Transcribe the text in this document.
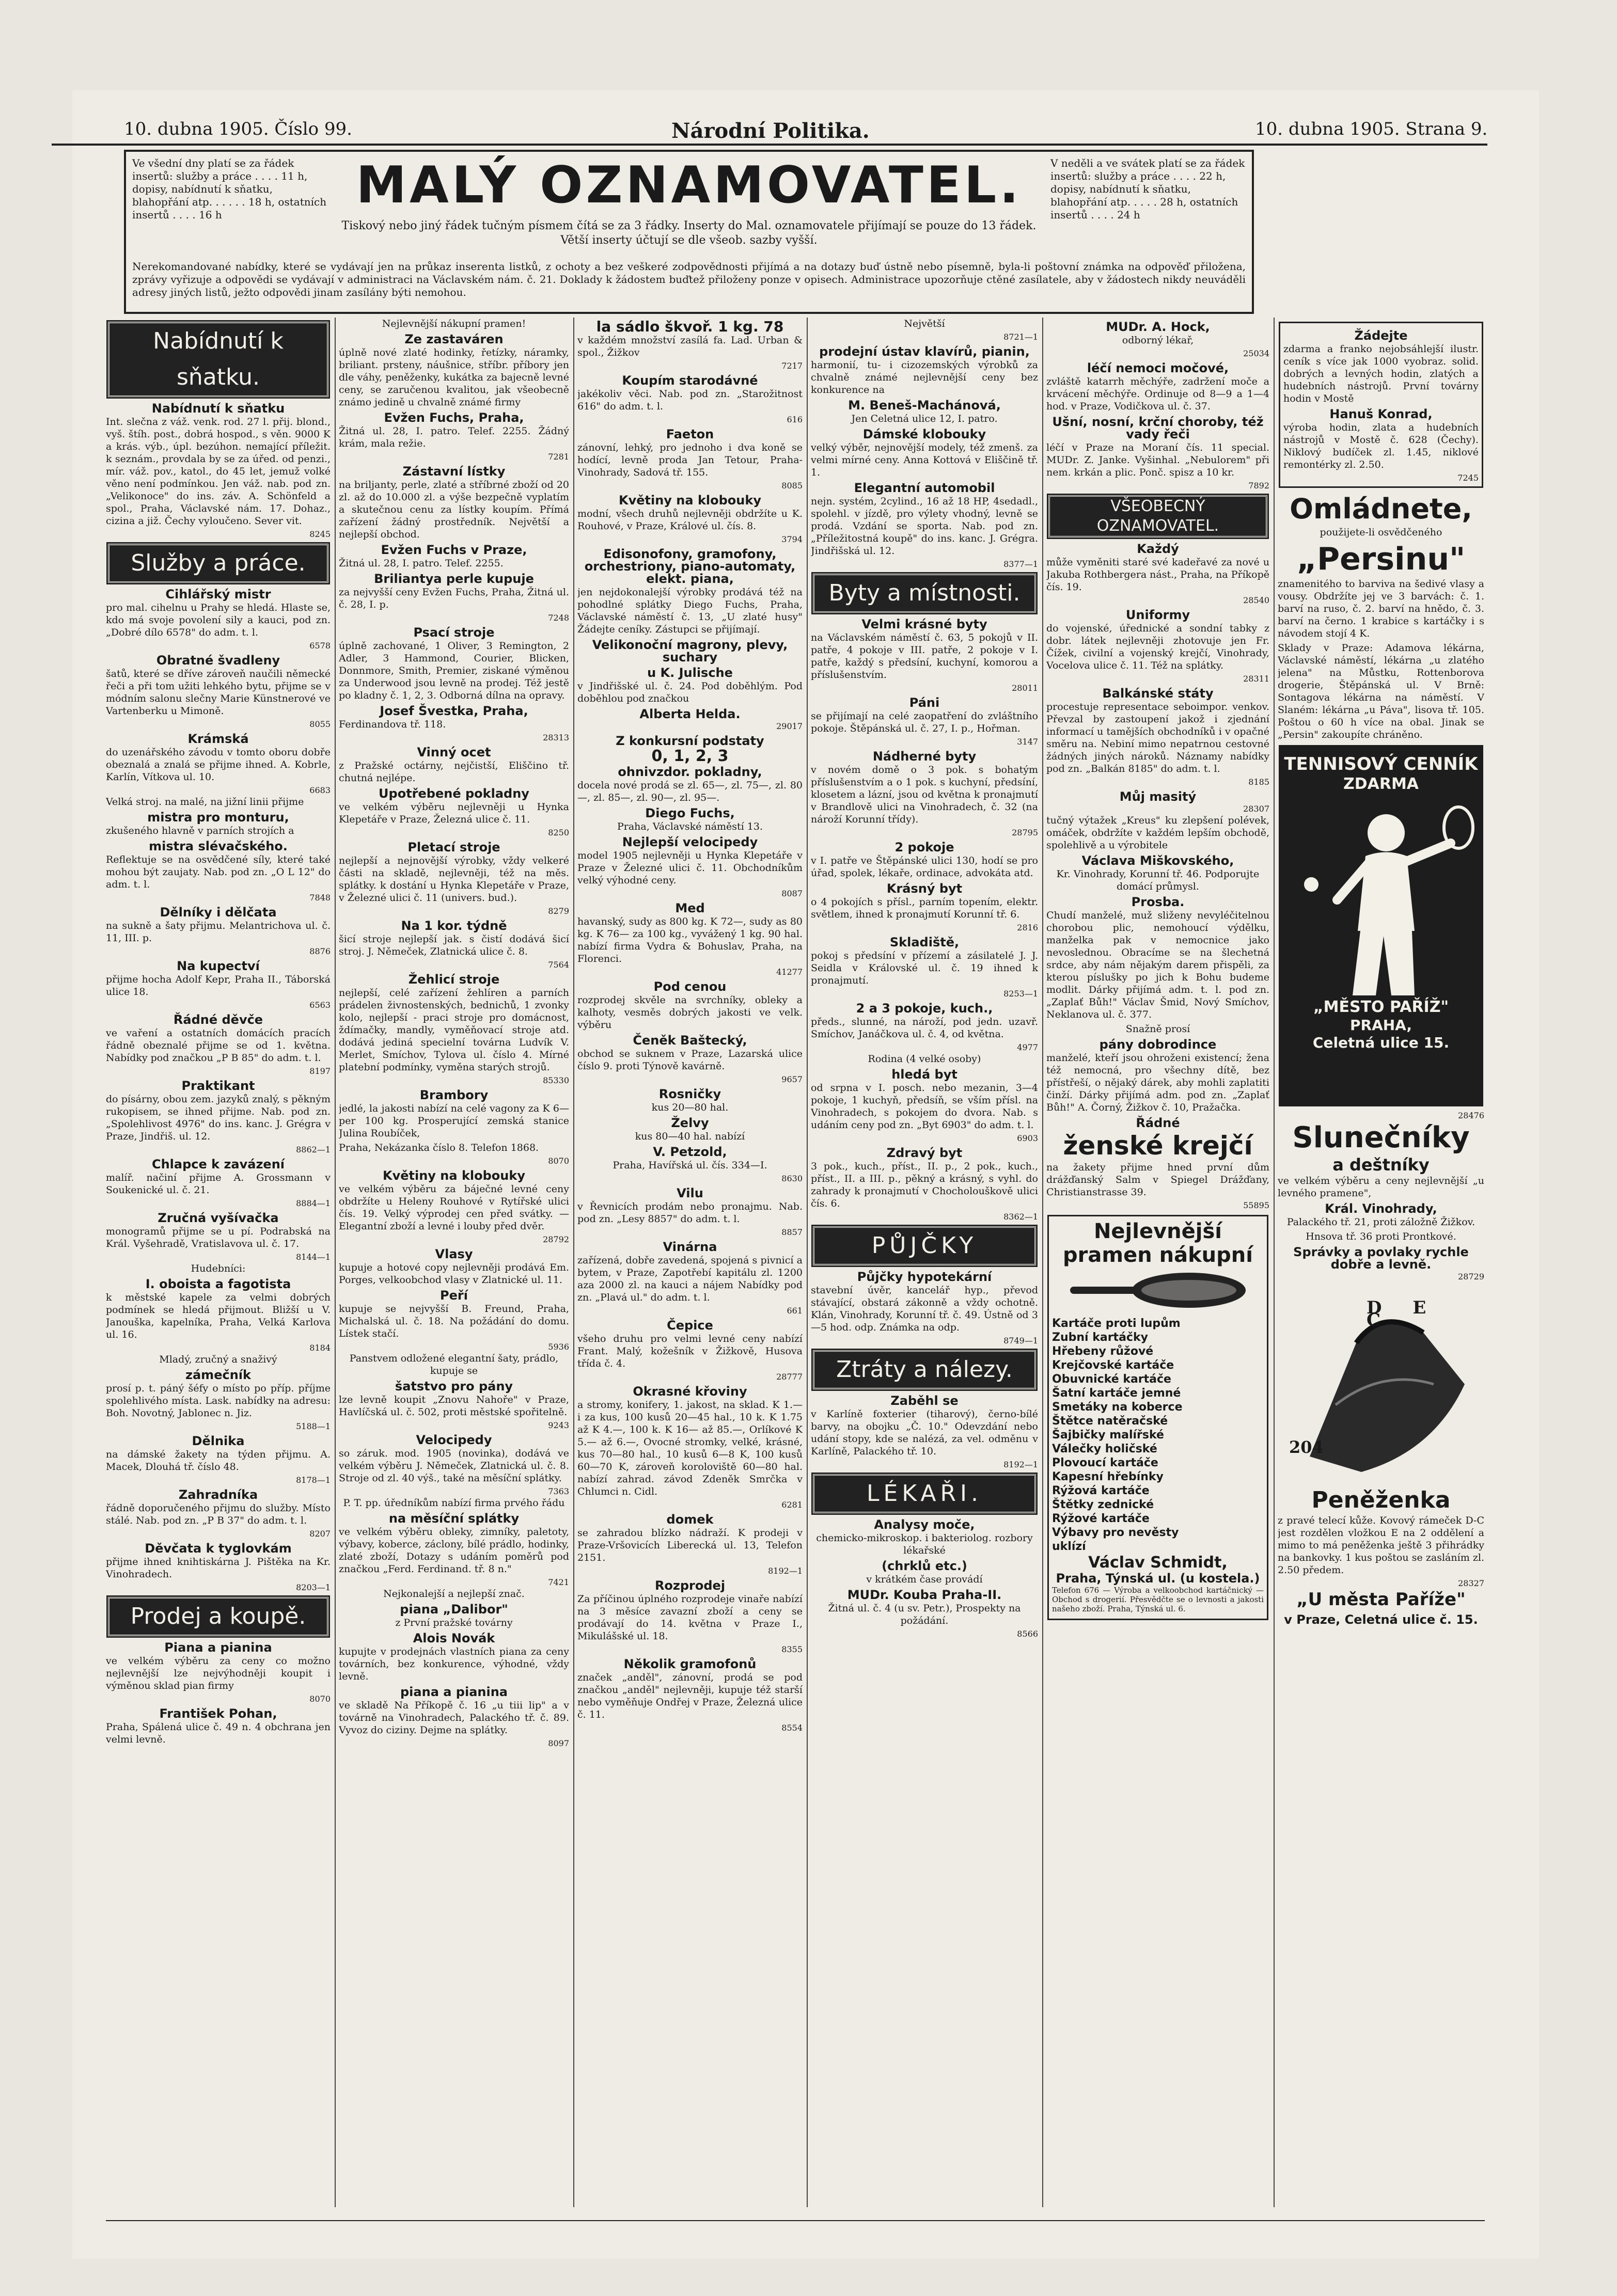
10. dubna 1905. Číslo 99.	Národní Politika.	10. dubna 1905. Strana 9.
Ve všední dny platí se za řádek insertů: služby a práce . . . . 11 h, dopisy, nabídnutí k sňatku, blahopřání atp. . . . . . 18 h, ostatních insertů . . . . 16 h	MALÝ OZNAMOVATEL.
Tiskový nebo jiný řádek tučným písmem čítá se za 3 řádky. Inserty do Mal. oznamovatele přijímají se pouze do 13 řádek. Větší inserty účtují se dle všeob. sazby vyšší.
V neděli a ve svátek platí se za řádek insertů: služby a práce . . . . 22 h, dopisy, nabídnutí k sňatku, blahopřání atp. . . . . 28 h, ostatních insertů . . . . 24 h
Nerekomandované nabídky, které se vydávají jen na průkaz inserenta listků, z ochoty a bez veškeré zodpovědnosti přijímá a na dotazy buď ústně nebo písemně, byla-li poštovní známka na odpověď přiložena, zprávy vyřizuje a odpovědi se vydávají v administraci na Václavském nám. č. 21. Doklady k žádostem buďtež přiloženy ponze v opisech. Administrace upozorňuje ctěné zasílatele, aby v žádostech nikdy neuváděli adresy jiných listů, ježto odpovědi jinam zasílány býti nemohou.
Nabídnutí k sňatku.
Nabídnutí k sňatku

Int. slečna z váž. venk. rod. 27 l. přij. blond., vyš. štíh. post., dobrá hospod., s věn. 9000 K a krás. výb., úpl. bezúhon. nemající příležit. k seznám., provdala by se za úřed. od penzi., mír. váž. pov., katol., do 45 let, jemuž volké věno není podmínkou. Jen váž. nab. pod zn. „Velikonoce" do ins. záv. A. Schönfeld a spol., Praha, Václavské nám. 17. Dohaz., cizina a již. Čechy vyloučeno. Sever vit.

8245
Služby a práce.
Cihlářský mistr

pro mal. cihelnu u Prahy se hledá. Hlaste se, kdo má svoje povolení sily a kauci, pod zn. „Dobré dílo 6578" do adm. t. l.

6578
Obratné švadleny

šatů, které se dříve zároveň naučili německé řeči a při tom užiti lehkého bytu, přijme se v módním salonu slečny Marie Künstnerové ve Vartenberku u Mimoně.

8055
Krámská

do uzenářského závodu v tomto oboru dobře obeznalá a znalá se přijme ihned. A. Kobrle, Karlín, Vítkova ul. 10.

6683

Velká stroj. na malé, na jižní linii přijme

mistra pro monturu,

zkušeného hlavně v parních strojích a

mistra slévačského.

Reflektuje se na osvědčené síly, které také mohou být zaujaty. Nab. pod zn. „O L 12" do adm. t. l.

7848
Dělníky i dělčata

na sukně a šaty přijmu. Melantrichova ul. č. 11, III. p.

8876
Na kupectví

přijme hocha Adolf Kepr, Praha II., Táborská ulice 18.

6563
Řádné děvče

ve vaření a ostatních domácích pracích řádně obeznalé přijme se od 1. května. Nabídky pod značkou „P B 85" do adm. t. l.

8197
Praktikant

do písárny, obou zem. jazyků znalý, s pěkným rukopisem, se ihned přijme. Nab. pod zn. „Spolehlivost 4976" do ins. kanc. J. Grégra v Praze, Jindřiš. ul. 12.

8862—1
Chlapce k zavázení

malíř. načiní přijme A. Grossmann v Soukenické ul. č. 21.

8884—1
Zručná vyšívačka

monogramů přijme se u pí. Podrabská na Král. Vyšehradě, Vratislavova ul. č. 17.

8144—1

Hudebníci:

I. oboista a fagotista

k městské kapele za velmi dobrých podmínek se hledá přijmout. Bližší u V. Janouška, kapelníka, Praha, Velká Karlova ul. 16.

8184

Mladý, zručný a snaživý

zámečník

prosí p. t. páný šéfy o místo po příp. příjme spolehlivého místa. Lask. nabídky na adresu: Boh. Novotný, Jablonec n. Jiz.

5188—1
Dělnika

na dámské žakety na týden přijmu. A. Macek, Dlouhá tř. číslo 48.

8178—1
Zahradníka

řádně doporučeného přijmu do služby. Místo stálé. Nab. pod zn. „P B 37" do adm. t. l.

8207
Děvčata k tyglovkám

přijme ihned knihtiskárna J. Pištěka na Kr. Vinohradech.

8203—1
Prodej a koupě.
Piana a pianina

ve velkém výběru za ceny co možno nejlevnější lze nejvýhodněji koupit i výměnou sklad pian firmy

8070
František Pohan,

Praha, Spálená ulice č. 49 n. 4 obchrana jen velmi levně.

Nejlevnější nákupní pramen!

Ze zastaváren

úplně nové zlaté hodinky, řetízky, náramky, briliant. prsteny, náušnice, stříbr. příbory jen dle váhy, peněženky, kukátka za bajecně levné ceny, se zaručenou kvalitou, jak všeobecně známo jedině u chvalně známé firmy

Evžen Fuchs, Praha,

Žitná ul. 28, I. patro. Telef. 2255. Žádný krám, mala režie.

7281
Zástavní lístky

na briljanty, perle, zlaté a stříbrné zboží od 20 zl. až do 10.000 zl. a výše bezpečně vyplatím a skutečnou cenu za lístky koupím. Přímá zařízení žádný prostředník. Největší a nejlepší obchod.

Evžen Fuchs v Praze,

Žitná ul. 28, I. patro. Telef. 2255.

Briliantya perle kupuje

za nejvyšší ceny Evžen Fuchs, Praha, Žitná ul. č. 28, I. p.

7248
Psací stroje

úplně zachované, 1 Oliver, 3 Remington, 2 Adler, 3 Hammond, Courier, Blicken, Donnmore, Smith, Premier, ziskané výměnou za Underwood jsou levně na prodej. Též jestě po kladny č. 1, 2, 3. Odborná dílna na opravy.

Josef Švestka, Praha,

Ferdinandova tř. 118.

28313
Vinný ocet

z Pražské octárny, nejčistší, Eliščino tř. chutná nejlépe.

Upotřebené pokladny

ve velkém výběru nejlevněji u Hynka Klepetáře v Praze, Železná ulice č. 11.

8250
Pletací stroje

nejlepší a nejnovější výrobky, vždy velkeré části na skladě, nejlevněji, též na měs. splátky. k dostání u Hynka Klepetáře v Praze, v Železné ulici č. 11 (univers. bud.).

8279
Na 1 kor. týdně

šicí stroje nejlepší jak. s čistí dodává šicí stroj. J. Němeček, Zlatnická ulice č. 8.

7564
Žehlicí stroje

nejlepší, celé zařízení žehlíren a parních prádelen živnostenských, bednichů, 1 zvonky kolo, nejlepší - praci stroje pro domácnost, ždímačky, mandly, vyměňovací stroje atd. dodává jediná specielní továrna Ludvík V. Merlet, Smíchov, Tylova ul. číslo 4. Mírné platební podmínky, vyměna starých strojů.

85330
Brambory

jedlé, la jakosti nabízí na celé vagony za K 6— per 100 kg. Prosperující zemská stanice Julina Roubíček,

Praha, Nekázanka číslo 8. Telefon 1868.

8070
Květiny na klobouky

ve velkém výběru za báječné levné ceny obdržíte u Heleny Rouhové v Rytířské ulici čís. 19. Velký výprodej cen před svátky. — Elegantní zboží a levné i louby před dvěr.

28792
Vlasy

kupuje a hotové copy nejlevněji prodává Em. Porges, velkoobchod vlasy v Zlatnické ul. 11.

Peří

kupuje se nejvyšší B. Freund, Praha, Michalská ul. č. 18. Na požádání do domu. Lístek stačí.

5936

Panstvem odložené elegantní šaty, prádlo, kupuje se

šatstvo pro pány

lze levně koupit „Znovu Nahoře" v Praze, Havlíčská ul. č. 502, proti městské spořitelně.

9243
Velocipedy

so záruk. mod. 1905 (novinka), dodává ve velkém výběru J. Němeček, Zlatnická ul. č. 8. Stroje od zl. 40 výš., také na měsíční splátky.

7363

P. T. pp. úředníkům nabízí firma prvého řádu

na měsíční splátky

ve velkém výběru obleky, zimníky, paletoty, výbavy, koberce, záclony, bílé prádlo, hodinky, zlaté zboží, Dotazy s udáním poměrů pod značkou „Ferd. Ferdinand. tř. 8 n."

7421

Nejkonalejší a nejlepší znač.

piana „Dalibor"

z První pražské továrny

Alois Novák

kupujte v prodejnách vlastních piana za ceny továrních, bez konkurence, výhodné, vždy levně.

piana a pianina

ve skladě Na Příkopě č. 16 „u tiii lip" a v továrně na Vinohradech, Palackého tř. č. 89. Vyvoz do ciziny. Dejme na splátky.

8097
la sádlo škvoř. 1 kg. 78

v každém množství zasílá fa. Lad. Urban & spol., Žižkov

7217
Koupím starodávné

jakékoliv věci. Nab. pod zn. „Starožitnost 616" do adm. t. l.

616
Faeton

zánovní, lehký, pro jednoho i dva koně se hodící, levně proda Jan Tetour, Praha-Vinohrady, Sadová tř. 155.

8085
Květiny na klobouky

modní, všech druhů nejlevněji obdržíte u K. Rouhové, v Praze, Králové ul. čís. 8.

3794
Edisonofony, gramofony, orchestriony, piano-automaty, elekt. piana,

jen nejdokonalejší výrobky prodává též na pohodlné splátky Diego Fuchs, Praha, Václavské náměstí č. 13, „U zlaté husy" Žádejte ceníky. Zástupci se přijímají.

Velikonoční magrony, plevy, suchary
u K. Julische

v Jindřišské ul. č. 24. Pod doběhlým. Pod doběhlou pod značkou

Alberta Helda.
29017
Z konkursní podstaty
0, 1, 2, 3
ohnivzdor. pokladny,

docela nové prodá se zl. 65—, zl. 75—, zl. 80—, zl. 85—, zl. 90—, zl. 95—.

Diego Fuchs,

Praha, Václavské náměstí 13.

Nejlepší velocipedy

model 1905 nejlevněji u Hynka Klepetáře v Praze v Železné ulici č. 11. Obchodníkům velký výhodné ceny.

8087
Med

havanský, sudy as 800 kg. K 72—, sudy as 80 kg. K 76— za 100 kg., vyvážený 1 kg. 90 hal. nabízí firma Vydra & Bohuslav, Praha, na Florenci.

41277
Pod cenou

rozprodej skvěle na svrchníky, obleky a kalhoty, vesměs dobrých jakosti ve velk. výběru

Čeněk Baštecký,

obchod se suknem v Praze, Lazarská ulice číslo 9. proti Týnově kavárně.

9657
Rosničky

kus 20—80 hal.

Želvy

kus 80—40 hal. nabízí

V. Petzold,

Praha, Havířská ul. čís. 334—I.

8630
Vilu

v Řevnicích prodám nebo pronajmu. Nab. pod zn. „Lesy 8857" do adm. t. l.

8857
Vinárna

zařízená, dobře zavedená, spojená s pivnicí a bytem, v Praze, Zapotřebí kapitálu zl. 1200 aza 2000 zl. na kauci a nájem Nabídky pod zn. „Plavá ul." do adm. t. l.

661
Čepice

všeho druhu pro velmi levné ceny nabízí Frant. Malý, kožešník v Žižkově, Husova třída č. 4.

28777
Okrasné křoviny

a stromy, konifery, 1. jakost, na sklad. K 1.— i za kus, 100 kusů 20—45 hal., 10 k. K 1.75 až K 4.—, 100 k. K 16— až 85.—, Orlíkové K 5.— až 6.—, Ovocné stromky, velké, krásné, kus 70—80 hal., 10 kusů 6—8 K, 100 kusů 60—70 K, zároveň koroloviště 60—80 hal. nabízí zahrad. závod Zdeněk Smrčka v Chlumci n. Cidl.

6281
domek

se zahradou blízko nádraží. K prodeji v Praze-Vršovicích Liberecká ul. 13, Telefon 2151.

8192—1
Rozprodej

Za příčinou úplného rozprodeje vinaře nabízí na 3 měsíce zavazní zboží a ceny se prodávají do 14. května v Praze I., Mikulášské ul. 18.

8355
Několik gramofonů

značek „anděl", zánovní, prodá se pod značkou „anděl" nejlevněji, kupuje též starší nebo vyměňuje Ondřej v Praze, Železná ulice č. 11.

8554

Největší

8721—1
prodejní ústav klavírů, pianin,

harmonií, tu- i cizozemských výrobků za chvalně známé nejlevnější ceny bez konkurence na

M. Beneš-Machánová,

Jen Celetná ulice 12, I. patro.

Dámské klobouky

velký výběr, nejnovější modely, též zmenš. za velmi mírné ceny. Anna Kottová v Eliščině tř. 1.

Elegantní automobil

nejn. systém, 2cylind., 16 až 18 HP, 4sedadl., spolehl. v jízdě, pro výlety vhodný, levně se prodá. Vzdání se sporta. Nab. pod zn. „Příležitostná koupě" do ins. kanc. J. Grégra. Jindřišská ul. 12.

8377—1
Byty a místnosti.
Velmi krásné byty

na Václavském náměstí č. 63, 5 pokojů v II. patře, 4 pokoje v III. patře, 2 pokoje v I. patře, každý s předsíní, kuchyní, komorou a příslušenstvím.

28011
Páni

se přijímají na celé zaopatření do zvláštního pokoje. Štěpánská ul. č. 27, I. p., Hořman.

3147
Nádherné byty

v novém domě o 3 pok. s bohatým příslušenstvím a o 1 pok. s kuchyní, předsíní, klosetem a lázní, jsou od května k pronajmutí v Brandlově ulici na Vinohradech, č. 32 (na nároží Korunní třídy).

28795
2 pokoje

v I. patře ve Štěpánské ulici 130, hodí se pro úřad, spolek, lékaře, ordinace, advokáta atd.

Krásný byt

o 4 pokojích s přísl., parním topením, elektr. světlem, ihned k pronajmutí Korunní tř. 6.

2816
Skladiště,

pokoj s předsíní v přízemí a zásilatelé J. J. Seidla v Královské ul. č. 19 ihned k pronajmutí.

8253—1
2 a 3 pokoje, kuch.,

předs., slunné, na nároží, pod jedn. uzavř. Smíchov, Janáčkova ul. č. 4, od května.

4977

Rodina (4 velké osoby)

hledá byt

od srpna v I. posch. nebo mezanin, 3—4 pokoje, 1 kuchyň, předsíň, se vším přísl. na Vinohradech, s pokojem do dvora. Nab. s udáním ceny pod zn. „Byt 6903" do adm. t. l.

6903
Zdravý byt

3 pok., kuch., příst., II. p., 2 pok., kuch., příst., II. a III. p., pěkný a krásný, s vyhl. do zahrady k pronajmutí v Chocholouškově ulici čís. 6.

8362—1
PŮJČKY
Půjčky hypotekární

stavební úvěr, kancelář hyp., převod stávající, obstará zákonně a vždy ochotně. Klán, Vinohrady, Korunní tř. č. 49. Ústně od 3—5 hod. odp. Známka na odp.

8749—1
Ztráty a nálezy.
Zaběhl se

v Karlíně foxterier (tiharový), černo-bílé barvy, na obojku „Č. 10." Odevzdání nebo udání stopy, kde se nalézá, za vel. odměnu v Karlíně, Palackého tř. 10.

8192—1
LÉKAŘI.
Analysy moče,

chemicko-mikroskop. i bakteriolog. rozbory lékařské

(chrklů etc.)

v krátkém čase provádí

MUDr. Kouba Praha-II.

Žitná ul. č. 4 (u sv. Petr.), Prospekty na požádání.

8566
MUDr. A. Hock,

odborný lékař,

25034
léčí nemoci močové,

zvláště katarrh měchýře, zadržení moče a krvácení měchýře. Ordinuje od 8—9 a 1—4 hod. v Praze, Vodičkova ul. č. 37.

Ušní, nosní, krční choroby, též vady řeči

léčí v Praze na Moraní čís. 11 special. MUDr. Z. Janke. Vyšinhal. „Nebulorem" při nem. krkán a plic. Ponč. spisz a 10 kr.

7892
VŠEOBECNÝ OZNAMOVATEL.
Každý

může vyměniti staré své kadeřavé za nové u Jakuba Rothbergera nást., Praha, na Příkopě čís. 19.

28540
Uniformy

do vojenské, úřednické a sondní tabky z dobr. látek nejlevněji zhotovuje jen Fr. Čížek, civilní a vojenský krejčí, Vinohrady, Vocelova ulice č. 11. Též na splátky.

28311
Balkánské státy

procestuje representace seboimpor. venkov. Převzal by zastoupení jakož i zjednání informací u tamějších obchodníků i v opačné směru na. Nebiní mimo nepatrnou cestovné žádných jiných nároků. Náznamy nabídky pod zn. „Balkán 8185" do adm. t. l.

8185
Můj masitý
28307

tučný výtažek „Kreus" ku zlepšení polévek, omáček, obdržíte v každém lepším obchodě, spolehlivě a u výrobitele

Václava Miškovského,

Kr. Vinohrady, Korunní tř. 46. Podporujte domácí průmysl.

Prosba.

Chudí manželé, muž sliženy nevyléčitelnou chorobou plic, nemohoucí výdělku, manželka pak v nemocnice jako nevoslednou. Obracíme se na šlechetná srdce, aby nám nějakým darem přispěli, za kterou píslušky po jich k Bohu budeme modlit. Dárky přijímá adm. t. l. pod zn. „Zaplať Bůh!" Václav Šmid, Nový Smíchov, Neklanova ul. č. 377.

Snažně prosí

pány dobrodince

manželé, kteří jsou ohroženi existencí; žena též nemocná, pro všechny dítě, bez přístřeší, o nějaký dárek, aby mohli zaplatiti činží. Dárky přijímá adm. pod zn. „Zaplať Bůh!" A. Čorný, Žižkov č. 10, Pražačka.

Řádné
ženské krejčí

na žakety přijme hned první dům drážďanský Salm v Spiegel Drážďany, Christianstrasse 39.

55895
Nejlevnější pramen nákupní
Kartáče proti lupům
Zubní kartáčky
Hřebeny růžové
Krejčovské kartáče
Obuvnické kartáče
Šatní kartáče jemné
Smetáky na koberce
Štětce natěračské
Šajbičky malířské
Válečky holičské
Plovoucí kartáče
Kapesní hřebínky
Rýžová kartáče
Štětky zednické
Rýžové kartáče
Výbavy pro nevěsty
uklízí
Václav Schmidt,
Praha, Týnská ul. (u kostela.)

Telefon 676 — Výroba a velkoobchod kartáčnický — Obchod s drogerií. Přesvědčte se o levnosti a jakosti našeho zboží. Praha, Týnská ul. 6.

Žádejte

zdarma a franko nejobsáhlejší ilustr. ceník s více jak 1000 vyobraz. solid. dobrých a levných hodin, zlatých a hudebních nástrojů. První továrny hodin v Mostě

Hanuš Konrad,

výroba hodin, zlata a hudebních nástrojů v Mostě č. 628 (Čechy). Niklový budíček zl. 1.45, niklové remontérky zl. 2.50.

7245
Omládnete,

použijete-li osvědčeného

„Persinu"

znamenitého to barviva na šedivé vlasy a vousy. Obdržíte jej ve 3 barvách: č. 1. barví na ruso, č. 2. barví na hnědo, č. 3. barví na černo. 1 krabice s kartáčky i s návodem stojí 4 K.

Sklady v Praze: Adamova lékárna, Václavské náměstí, lékárna „u zlatého jelena" na Můstku, Rottenborova drogerie, Štěpánská ul. V Brně: Sontagova lékárna na náměstí. V Slaném: lékárna „u Páva", lisova tř. 105. Poštou o 60 h více na obal. Jinak se „Persin" zakoupíte chráněno.

TENNISOVÝ CENNÍK
ZDARMA
„MĚSTO PAŘÍŽ"
PRAHA,
Celetná ulice 15.
28476
Slunečníky
a deštníky

ve velkém výběru a ceny nejlevnější „u levného pramene",

Král. Vinohrady,

Palackého tř. 21, proti záložně Žižkov.

Hnsova tř. 36 proti Prontkové.

Správky a povlaky rychle dobře a levně.
28729
D E C
204
Peněženka

z pravé telecí kůže. Kovový rámeček D-C jest rozdělen vložkou E na 2 oddělení a mimo to má peněženka ještě 3 přihrádky na bankovky. 1 kus poštou se zasláním zl. 2.50 předem.

28327
„U města Paříže"
v Praze, Celetná ulice č. 15.
